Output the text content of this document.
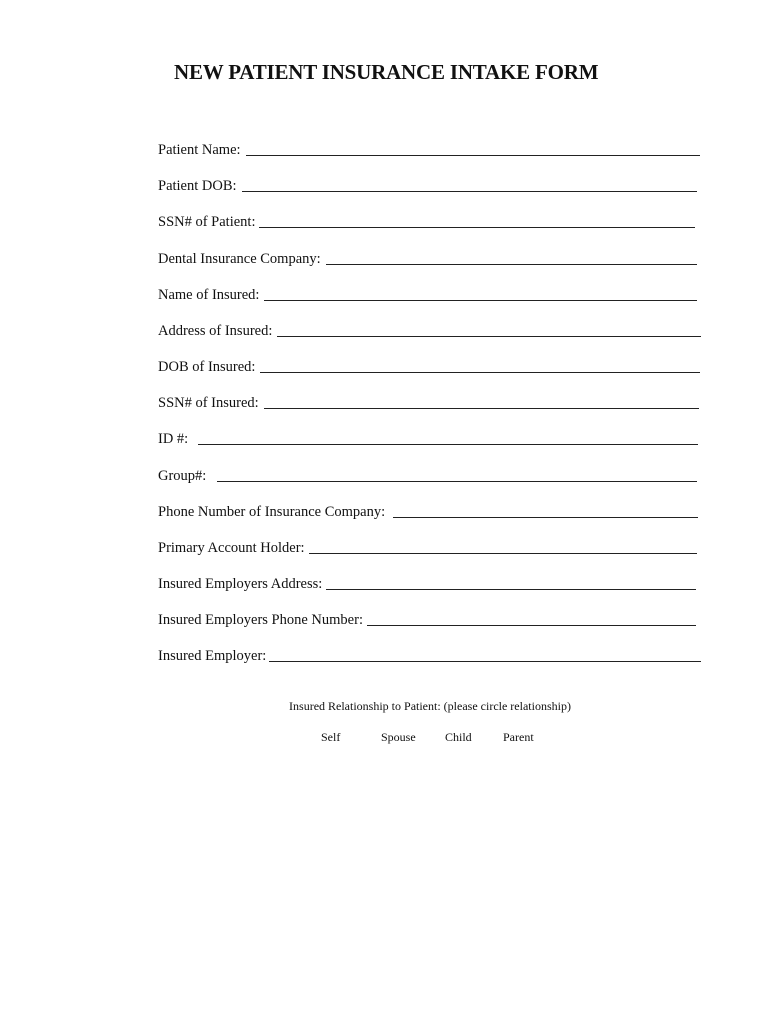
NEW PATIENT INSURANCE INTAKE FORM
Patient Name:
Patient DOB:
SSN# of Patient:
Dental Insurance Company:
Name of Insured:
Address of Insured:
DOB of Insured:
SSN# of Insured:
ID #:
Group#:
Phone Number of Insurance Company:
Primary Account Holder:
Insured Employers Address:
Insured Employers Phone Number:
Insured Employer:
Insured Relationship to Patient: (please circle relationship)
Self	Spouse Child	Parent
